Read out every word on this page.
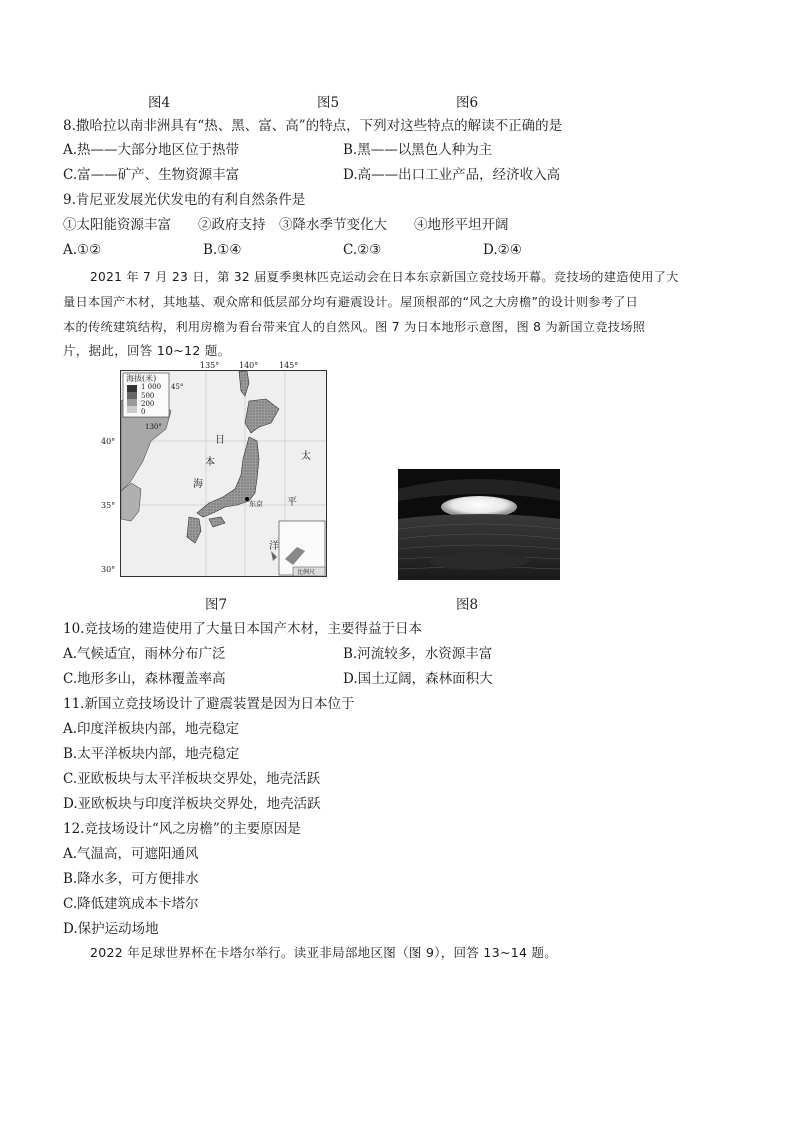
图4	图5	图6
8.撒哈拉以南非洲具有“热、黑、富、高”的特点，下列对这些特点的解读不正确的是
A.热——大部分地区位于热带	B.黑——以黑色人种为主
C.富——矿产、生物资源丰富	D.高——出口工业产品，经济收入高
9.肯尼亚发展光伏发电的有利自然条件是
①太阳能资源丰富　　②政府支持　③降水季节变化大　　④地形平坦开阔
A.①②	B.①④	C.②③	D.②④
2021 年 7 月 23 日，第 32 届夏季奥林匹克运动会在日本东京新国立竞技场开幕。竞技场的建造使用了大
量日本国产木材，其地基、观众席和低层部分均有避震设计。屋顶根部的“风之大房檐”的设计则参考了日
本的传统建筑结构，利用房檐为看台带来宜人的自然风。图 7 为日本地形示意图，图 8 为新国立竞技场照
片，据此，回答 10~12 题。
135° 140°	145°
40°
35°
30°
海拔(米)
1 000
500
200
0
45°
130°
日
本
海
太
平
洋
东京
比例尺
图7	图8
10.竞技场的建造使用了大量日本国产木材，主要得益于日本
A.气候适宜，雨林分布广泛	B.河流较多，水资源丰富
C.地形多山，森林覆盖率高	D.国土辽阔，森林面积大
11.新国立竞技场设计了避震装置是因为日本位于
A.印度洋板块内部，地壳稳定
B.太平洋板块内部，地壳稳定
C.亚欧板块与太平洋板块交界处，地壳活跃
D.亚欧板块与印度洋板块交界处，地壳活跃
12.竞技场设计“风之房檐”的主要原因是
A.气温高，可遮阳通风
B.降水多，可方便排水
C.降低建筑成本卡塔尔
D.保护运动场地
2022 年足球世界杯在卡塔尔举行。读亚非局部地区图（图 9），回答 13~14 题。
